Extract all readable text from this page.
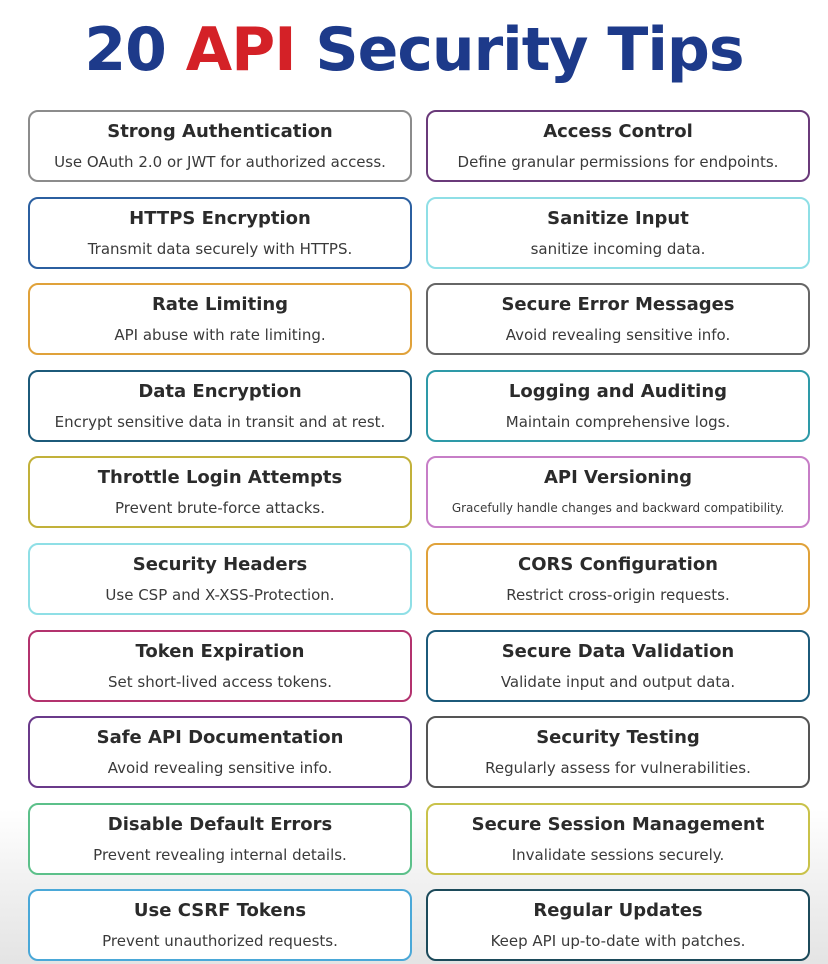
20 API Security Tips
Strong Authentication
Use OAuth 2.0 or JWT for authorized access.
Access Control
Define granular permissions for endpoints.
HTTPS Encryption
Transmit data securely with HTTPS.
Sanitize Input
sanitize incoming data.
Rate Limiting
API abuse with rate limiting.
Secure Error Messages
Avoid revealing sensitive info.
Data Encryption
Encrypt sensitive data in transit and at rest.
Logging and Auditing
Maintain comprehensive logs.
Throttle Login Attempts
Prevent brute-force attacks.
API Versioning
Gracefully handle changes and backward compatibility.
Security Headers
Use CSP and X-XSS-Protection.
CORS Configuration
Restrict cross-origin requests.
Token Expiration
Set short-lived access tokens.
Secure Data Validation
Validate input and output data.
Safe API Documentation
Avoid revealing sensitive info.
Security Testing
Regularly assess for vulnerabilities.
Disable Default Errors
Prevent revealing internal details.
Secure Session Management
Invalidate sessions securely.
Use CSRF Tokens
Prevent unauthorized requests.
Regular Updates
Keep API up-to-date with patches.
